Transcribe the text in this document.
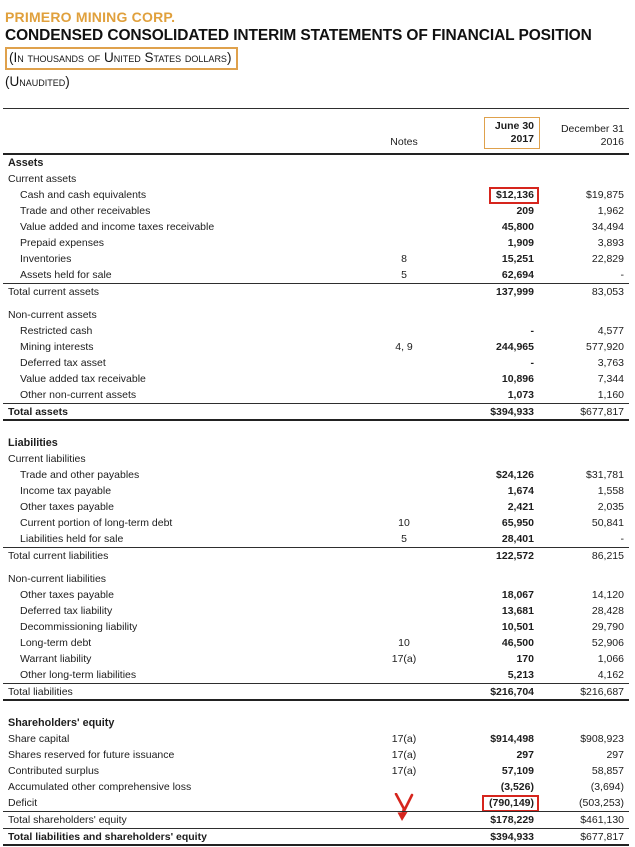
PRIMERO MINING CORP.
CONDENSED CONSOLIDATED INTERIM STATEMENTS OF FINANCIAL POSITION
(In thousands of United States dollars)
(Unaudited)
Notes
June 30
2017
December 31
2016
Assets
Current assets
Cash and cash equivalents	$12,136	$19,875
Trade and other receivables	209	1,962
Value added and income taxes receivable	45,800	34,494
Prepaid expenses	1,909	3,893
Inventories	8	15,251	22,829
Assets held for sale	5	62,694	-
Total current assets	137,999	83,053
Non-current assets
Restricted cash	-	4,577
Mining interests	4, 9	244,965	577,920
Deferred tax asset	-	3,763
Value added tax receivable	10,896	7,344
Other non-current assets	1,073	1,160
Total assets	$394,933	$677,817
Liabilities
Current liabilities
Trade and other payables	$24,126	$31,781
Income tax payable	1,674	1,558
Other taxes payable	2,421	2,035
Current portion of long-term debt	10	65,950	50,841
Liabilities held for sale	5	28,401	-
Total current liabilities	122,572	86,215
Non-current liabilities
Other taxes payable	18,067	14,120
Deferred tax liability	13,681	28,428
Decommissioning liability	10,501	29,790
Long-term debt	10	46,500	52,906
Warrant liability	17(a)	170	1,066
Other long-term liabilities	5,213	4,162
Total liabilities	$216,704	$216,687
Shareholders' equity
Share capital	17(a)	$914,498	$908,923
Shares reserved for future issuance	17(a)	297	297
Contributed surplus	17(a)	57,109	58,857
Accumulated other comprehensive loss	(3,526)	(3,694)
Deficit	(790,149)	(503,253)
Total shareholders' equity	$178,229	$461,130
Total liabilities and shareholders' equity	$394,933	$677,817
